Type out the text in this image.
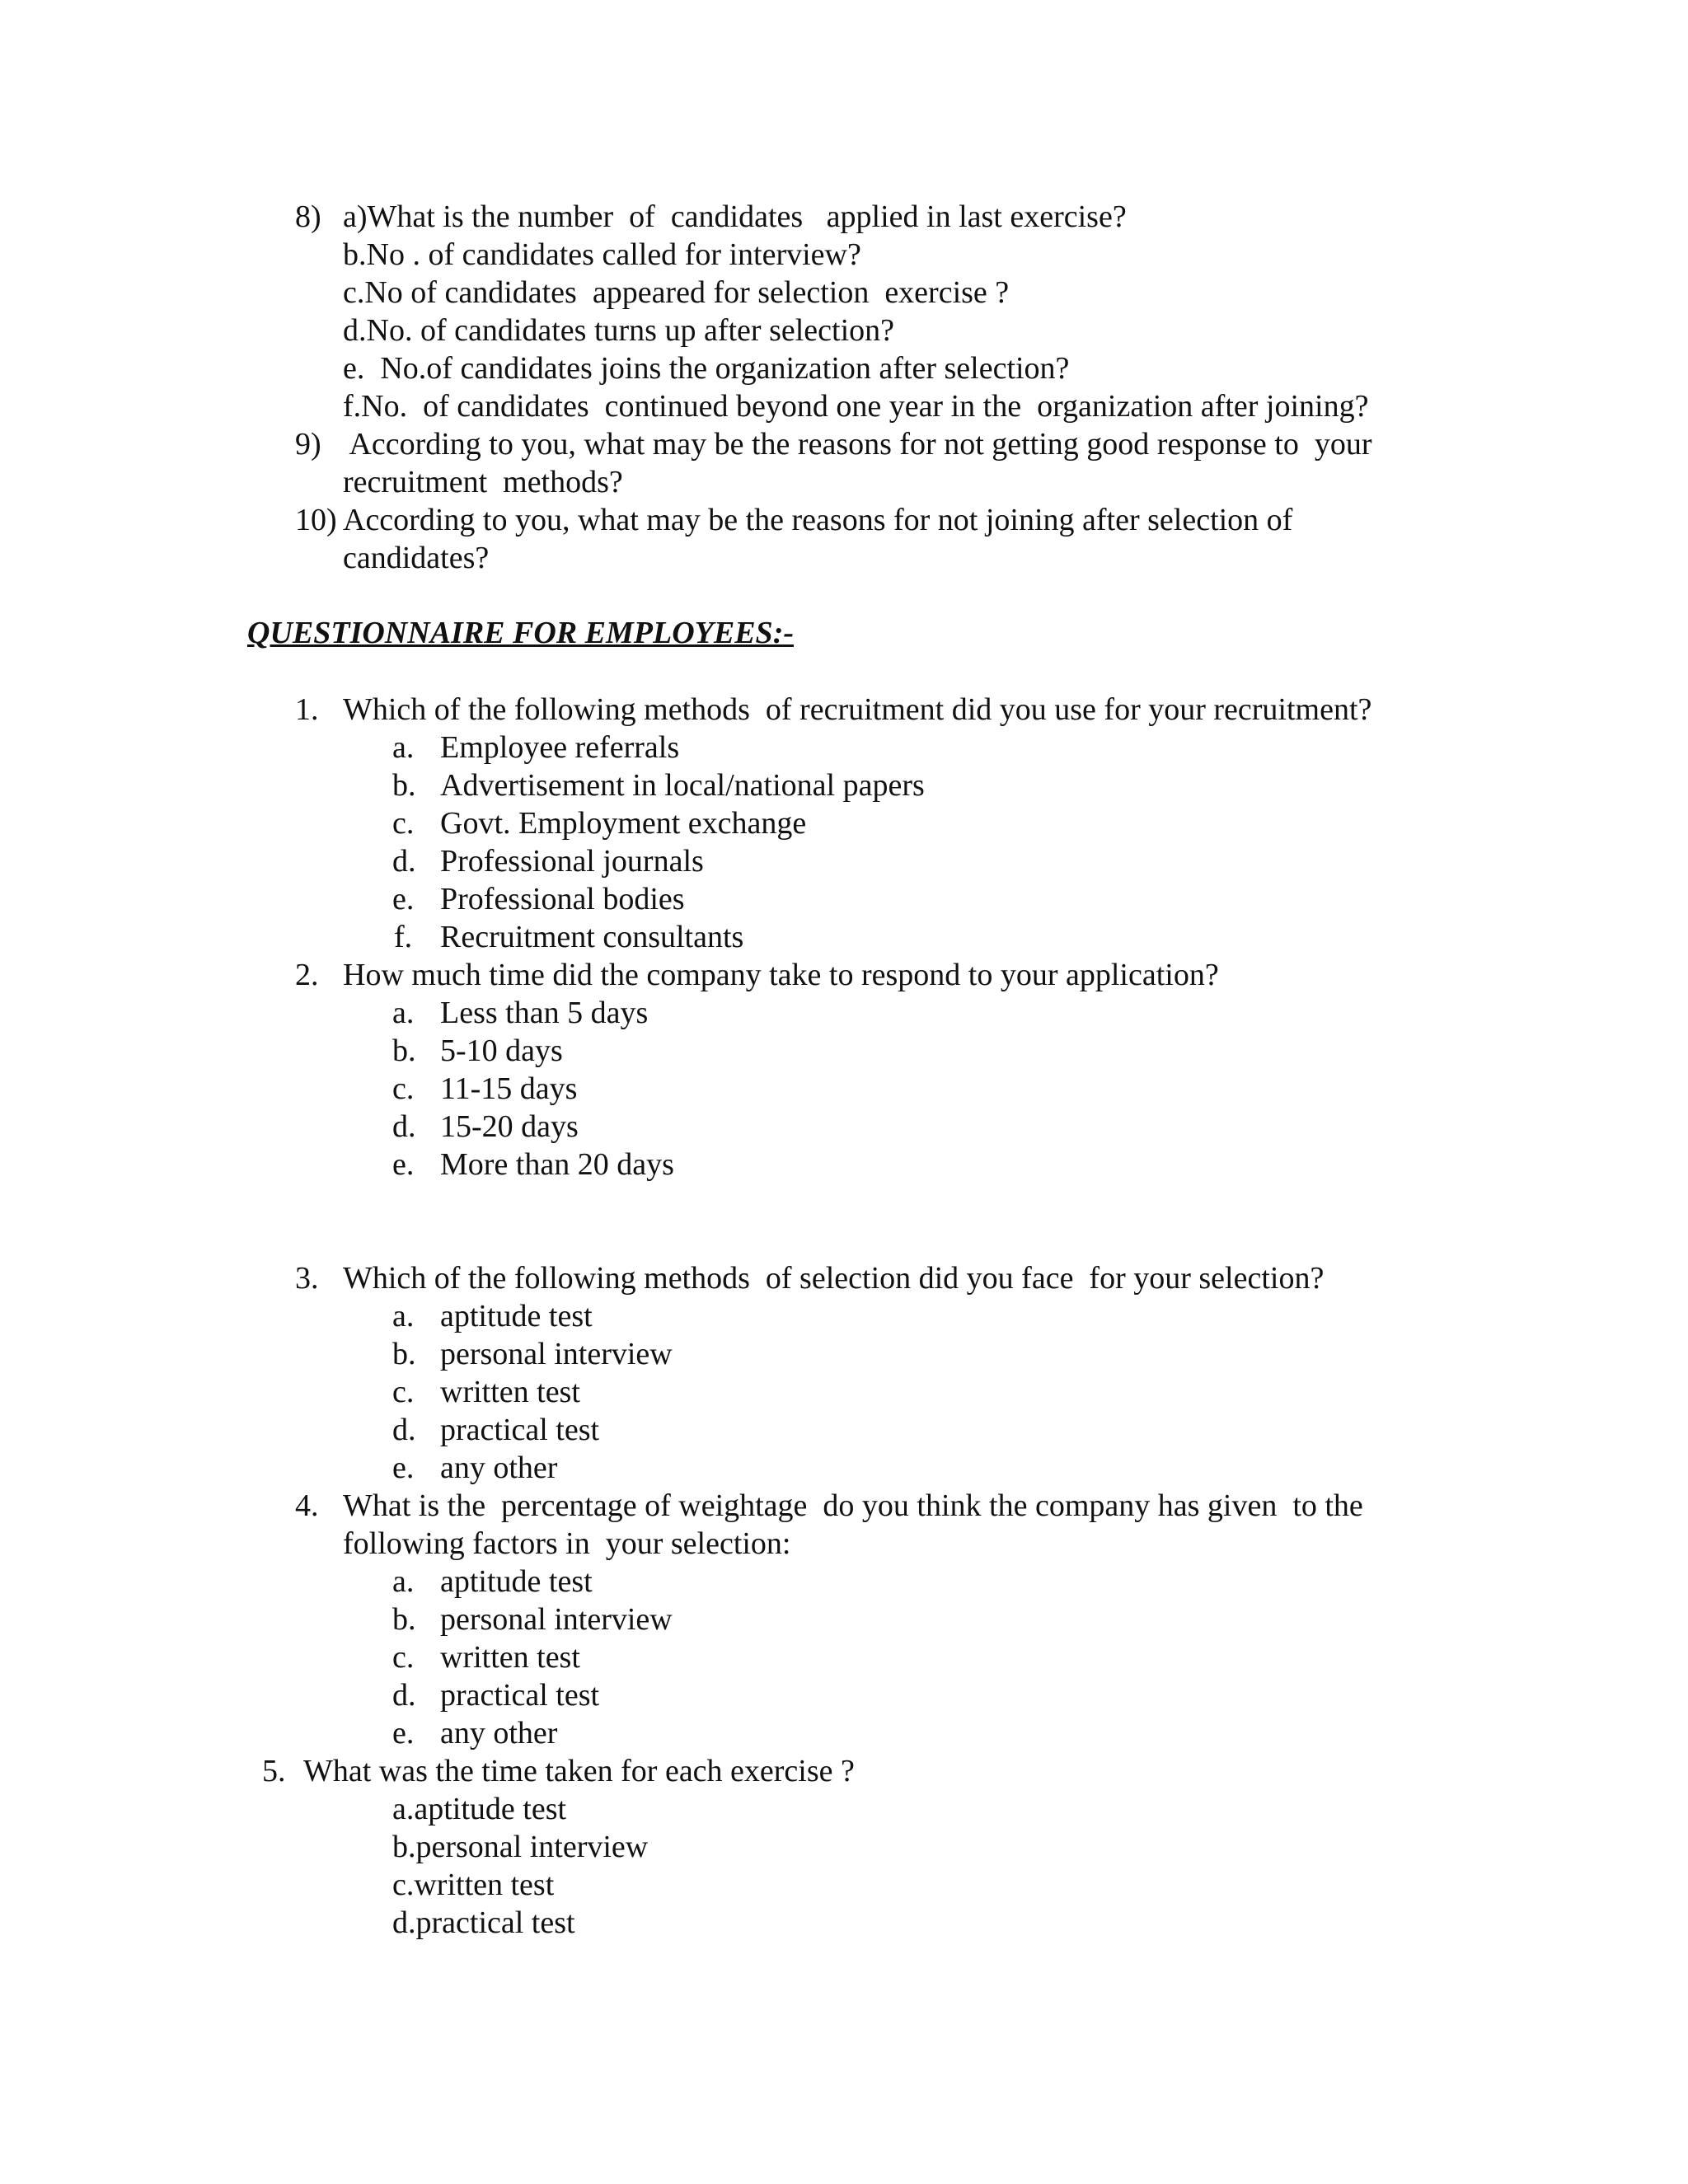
8) a)What is the number  of  candidates   applied in last exercise?
b.No . of candidates called for interview?
c.No of candidates  appeared for selection  exercise ?
d.No. of candidates turns up after selection?
e.  No.of candidates joins the organization after selection?
f.No.  of candidates  continued beyond one year in the  organization after joining?
9) According to you, what may be the reasons for not getting good response to  your
recruitment  methods?
10) According to you, what may be the reasons for not joining after selection of
candidates?
QUESTIONNAIRE FOR EMPLOYEES:-
1. Which of the following methods  of recruitment did you use for your recruitment?
a. Employee referrals
b. Advertisement in local/national papers
c. Govt. Employment exchange
d. Professional journals
e. Professional bodies
f. Recruitment consultants
2. How much time did the company take to respond to your application?
a. Less than 5 days
b. 5-10 days
c. 11-15 days
d. 15-20 days
e. More than 20 days
3. Which of the following methods  of selection did you face  for your selection?
a. aptitude test
b. personal interview
c. written test
d. practical test
e. any other
4. What is the  percentage of weightage  do you think the company has given  to the
following factors in  your selection:
a. aptitude test
b. personal interview
c. written test
d. practical test
e. any other
5. What was the time taken for each exercise ?
a.aptitude test
b.personal interview
c.written test
d.practical test
